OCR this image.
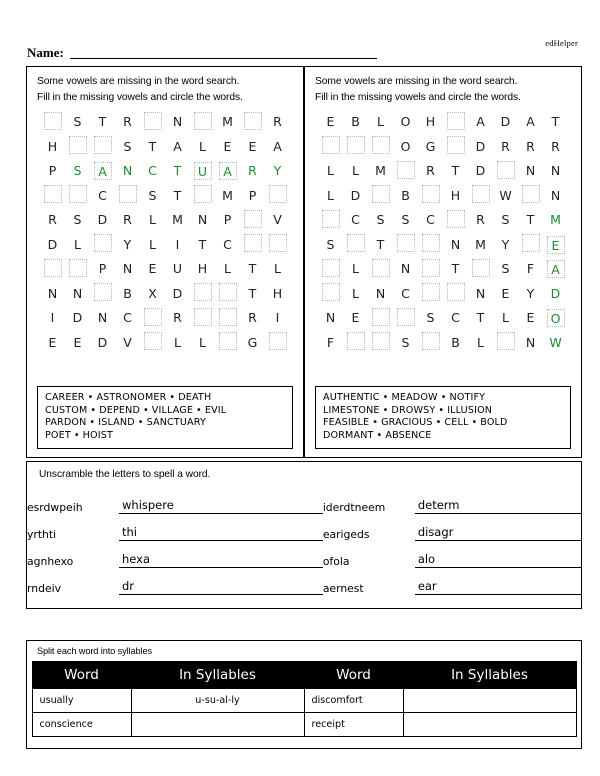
edHelper
Name:
Some vowels are missing in the word search.
Fill in the missing vowels and circle the words.
	S	T	R		N		M		R
H			S	T	A	L	E	E	A
P	S	A	N	C	T	U	A	R	Y
		C		S	T		M	P	
R	S	D	R	L	M	N	P		V
D	L		Y	L	I	T	C		
		P	N	E	U	H	L	T	L
N	N		B	X	D			T	H
I	D	N	C		R			R	I
E	E	D	V		L	L		G	
CAREER • ASTRONOMER • DEATH
CUSTOM • DEPEND • VILLAGE • EVIL
PARDON • ISLAND • SANCTUARY
POET • HOIST
Some vowels are missing in the word search.
Fill in the missing vowels and circle the words.
E	B	L	O	H		A	D	A	T
			O	G		D	R	R	R
L	L	M		R	T	D		N	N
L	D		B		H		W		N
	C	S	S	C		R	S	T	M
S		T			N	M	Y		E
	L		N		T		S	F	A
	L	N	C			N	E	Y	D
N	E			S	C	T	L	E	O
F			S		B	L		N	W
AUTHENTIC • MEADOW • NOTIFY
LIMESTONE • DROWSY • ILLUSION
FEASIBLE • GRACIOUS • CELL • BOLD
DORMANT • ABSENCE
Unscramble the letters to spell a word.
esrdwpeih	whispere	iderdtneem	determ

yrthti	thi	earigeds	disagr

agnhexo	hexa	ofola	alo

rndeiv	dr	aernest	ear
Split each word into syllables
Word	In Syllables	Word	In Syllables
usually	u-su-al-ly	discomfort	
conscience		receipt	
